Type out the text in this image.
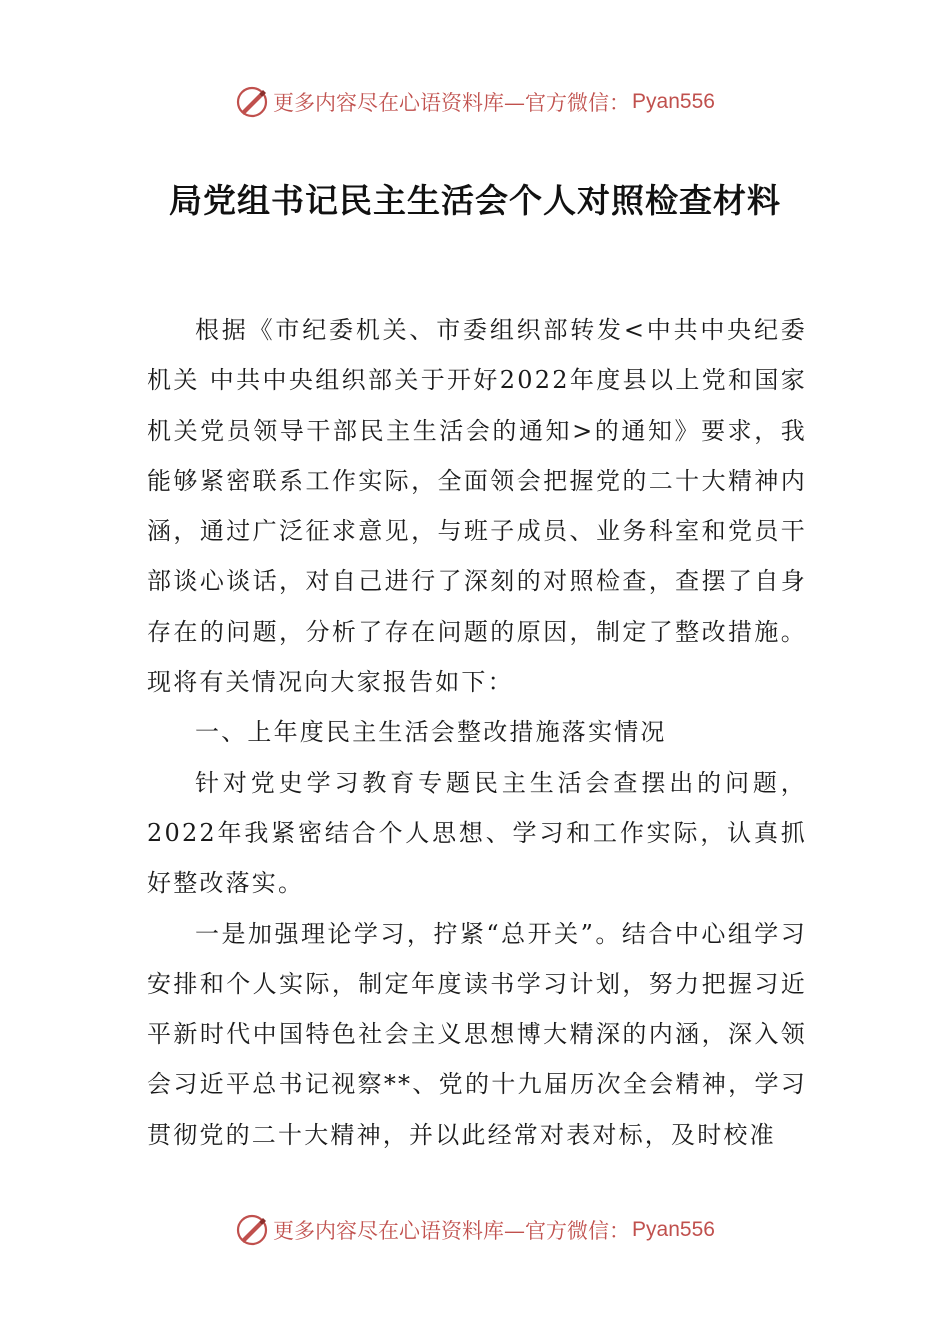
更多内容尽在心语资料库—官方微信： Pyan556
局党组书记民主生活会个人对照检查材料

根据《市纪委机关、市委组织部转发<中共中央纪委机关 中共中央组织部关于开好2022年度县以上党和国家机关党员领导干部民主生活会的通知>的通知》要求，我能够紧密联系工作实际，全面领会把握党的二十大精神内涵，通过广泛征求意见，与班子成员、业务科室和党员干部谈心谈话，对自己进行了深刻的对照检查，查摆了自身存在的问题，分析了存在问题的原因，制定了整改措施。现将有关情况向大家报告如下：

一、上年度民主生活会整改措施落实情况

针对党史学习教育专题民主生活会查摆出的问题，2022年我紧密结合个人思想、学习和工作实际，认真抓好整改落实。

一是加强理论学习，拧紧“总开关”。结合中心组学习安排和个人实际，制定年度读书学习计划，努力把握习近平新时代中国特色社会主义思想博大精深的内涵，深入领会习近平总书记视察**、党的十九届历次全会精神，学习贯彻党的二十大精神，并以此经常对表对标，及时校准

更多内容尽在心语资料库—官方微信： Pyan556
